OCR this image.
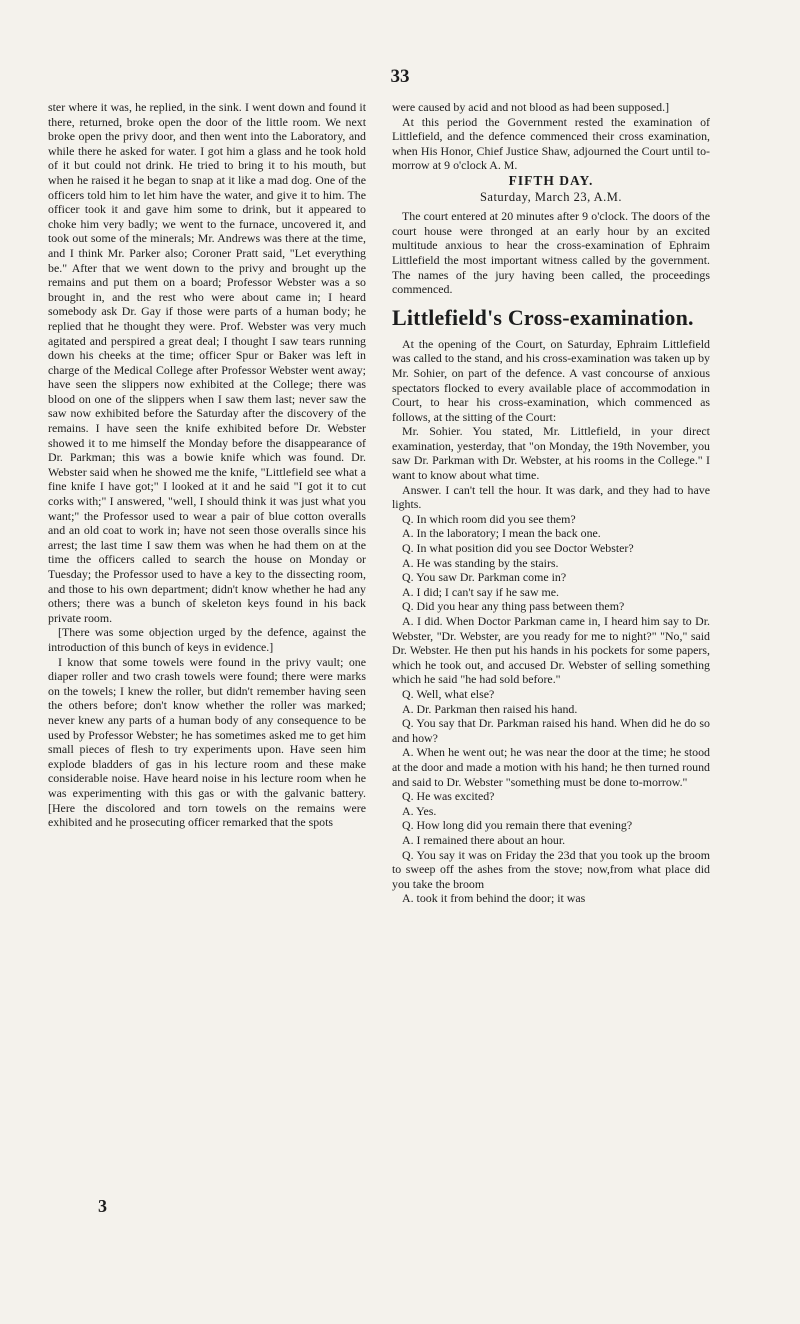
33

ster where it was, he replied, in the sink. I went down and found it there, returned, broke open the door of the little room. We next broke open the privy door, and then went into the Laboratory, and while there he asked for water. I got him a glass and he took hold of it but could not drink. He tried to bring it to his mouth, but when he raised it he began to snap at it like a mad dog. One of the officers told him to let him have the water, and give it to him. The officer took it and gave him some to drink, but it appeared to choke him very badly; we went to the furnace, uncovered it, and took out some of the minerals; Mr. Andrews was there at the time, and I think Mr. Parker also; Coroner Pratt said, "Let everything be." After that we went down to the privy and brought up the remains and put them on a board; Professor Webster was a so brought in, and the rest who were about came in; I heard somebody ask Dr. Gay if those were parts of a human body; he replied that he thought they were. Prof. Webster was very much agitated and perspired a great deal; I thought I saw tears running down his cheeks at the time; officer Spur or Baker was left in charge of the Medical College after Professor Webster went away; have seen the slippers now exhibited at the College; there was blood on one of the slippers when I saw them last; never saw the saw now exhibited before the Saturday after the discovery of the remains. I have seen the knife exhibited before Dr. Webster showed it to me himself the Monday before the disappearance of Dr. Parkman; this was a bowie knife which was found. Dr. Webster said when he showed me the knife, "Littlefield see what a fine knife I have got;" I looked at it and he said "I got it to cut corks with;" I answered, "well, I should think it was just what you want;" the Professor used to wear a pair of blue cotton overalls and an old coat to work in; have not seen those overalls since his arrest; the last time I saw them was when he had them on at the time the officers called to search the house on Monday or Tuesday; the Professor used to have a key to the dissecting room, and those to his own department; didn't know whether he had any others; there was a bunch of skeleton keys found in his back private room.

[There was some objection urged by the defence, against the introduction of this bunch of keys in evidence.]

I know that some towels were found in the privy vault; one diaper roller and two crash towels were found; there were marks on the towels; I knew the roller, but didn't remember having seen the others before; don't know whether the roller was marked; never knew any parts of a human body of any consequence to be used by Professor Webster; he has sometimes asked me to get him small pieces of flesh to try experiments upon. Have seen him explode bladders of gas in his lecture room and these make considerable noise. Have heard noise in his lecture room when he was experimenting with this gas or with the galvanic battery. [Here the discolored and torn towels on the remains were exhibited and he prosecuting officer remarked that the spots

3

were caused by acid and not blood as had been supposed.]

At this period the Government rested the examination of Littlefield, and the defence commenced their cross examination, when His Honor, Chief Justice Shaw, adjourned the Court until to-morrow at 9 o'clock A. M.

FIFTH DAY.
Saturday, March 23, A.M.

The court entered at 20 minutes after 9 o'clock. The doors of the court house were thronged at an early hour by an excited multitude anxious to hear the cross-examination of Ephraim Littlefield the most important witness called by the government. The names of the jury having been called, the proceedings commenced.

Littlefield's Cross-examination.

At the opening of the Court, on Saturday, Ephraim Littlefield was called to the stand, and his cross-examination was taken up by Mr. Sohier, on part of the defence. A vast concourse of anxious spectators flocked to every available place of accommodation in Court, to hear his cross-examination, which commenced as follows, at the sitting of the Court:

Mr. Sohier. You stated, Mr. Littlefield, in your direct examination, yesterday, that "on Monday, the 19th November, you saw Dr. Parkman with Dr. Webster, at his rooms in the College." I want to know about what time.

Answer. I can't tell the hour. It was dark, and they had to have lights.

Q. In which room did you see them?

A. In the laboratory; I mean the back one.

Q. In what position did you see Doctor Webster?

A. He was standing by the stairs.

Q. You saw Dr. Parkman come in?

A. I did; I can't say if he saw me.

Q. Did you hear any thing pass between them?

A. I did. When Doctor Parkman came in, I heard him say to Dr. Webster, "Dr. Webster, are you ready for me to night?" "No," said Dr. Webster. He then put his hands in his pockets for some papers, which he took out, and accused Dr. Webster of selling something which he said "he had sold before."

Q. Well, what else?

A. Dr. Parkman then raised his hand.

Q. You say that Dr. Parkman raised his hand. When did he do so and how?

A. When he went out; he was near the door at the time; he stood at the door and made a motion with his hand; he then turned round and said to Dr. Webster "something must be done to-morrow."

Q. He was excited?

A. Yes.

Q. How long did you remain there that evening?

A. I remained there about an hour.

Q. You say it was on Friday the 23d that you took up the broom to sweep off the ashes from the stove; now,from what place did you take the broom

A. took it from behind the door; it was
